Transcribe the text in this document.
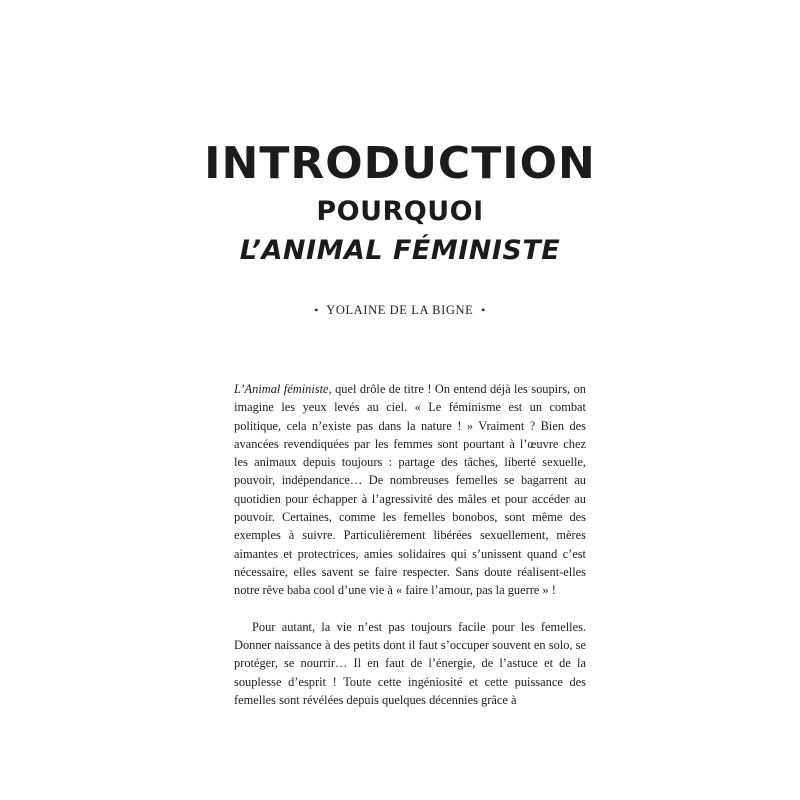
INTRODUCTION
POURQUOI
L’ANIMAL FÉMINISTE
• YOLAINE DE LA BIGNE •

L’Animal féministe, quel drôle de titre ! On entend déjà les soupirs, on imagine les yeux levés au ciel. « Le féminisme est un combat politique, cela n’existe pas dans la nature ! » Vraiment ? Bien des avancées revendiquées par les femmes sont pourtant à l’œuvre chez les animaux depuis toujours : partage des tâches, liberté sexuelle, pouvoir, indépendance… De nombreuses femelles se bagarrent au quotidien pour échapper à l’agressivité des mâles et pour accéder au pouvoir. Certaines, comme les femelles bonobos, sont même des exemples à suivre. Particulièrement libérées sexuellement, mères aimantes et protectrices, amies solidaires qui s’unissent quand c’est nécessaire, elles savent se faire respecter. Sans doute réalisent-elles notre rêve baba cool d’une vie à « faire l’amour, pas la guerre » !

Pour autant, la vie n’est pas toujours facile pour les femelles. Donner naissance à des petits dont il faut s’occuper souvent en solo, se protéger, se nourrir… Il en faut de l’énergie, de l’astuce et de la souplesse d’esprit ! Toute cette ingéniosité et cette puissance des femelles sont révélées depuis quelques décennies grâce à
